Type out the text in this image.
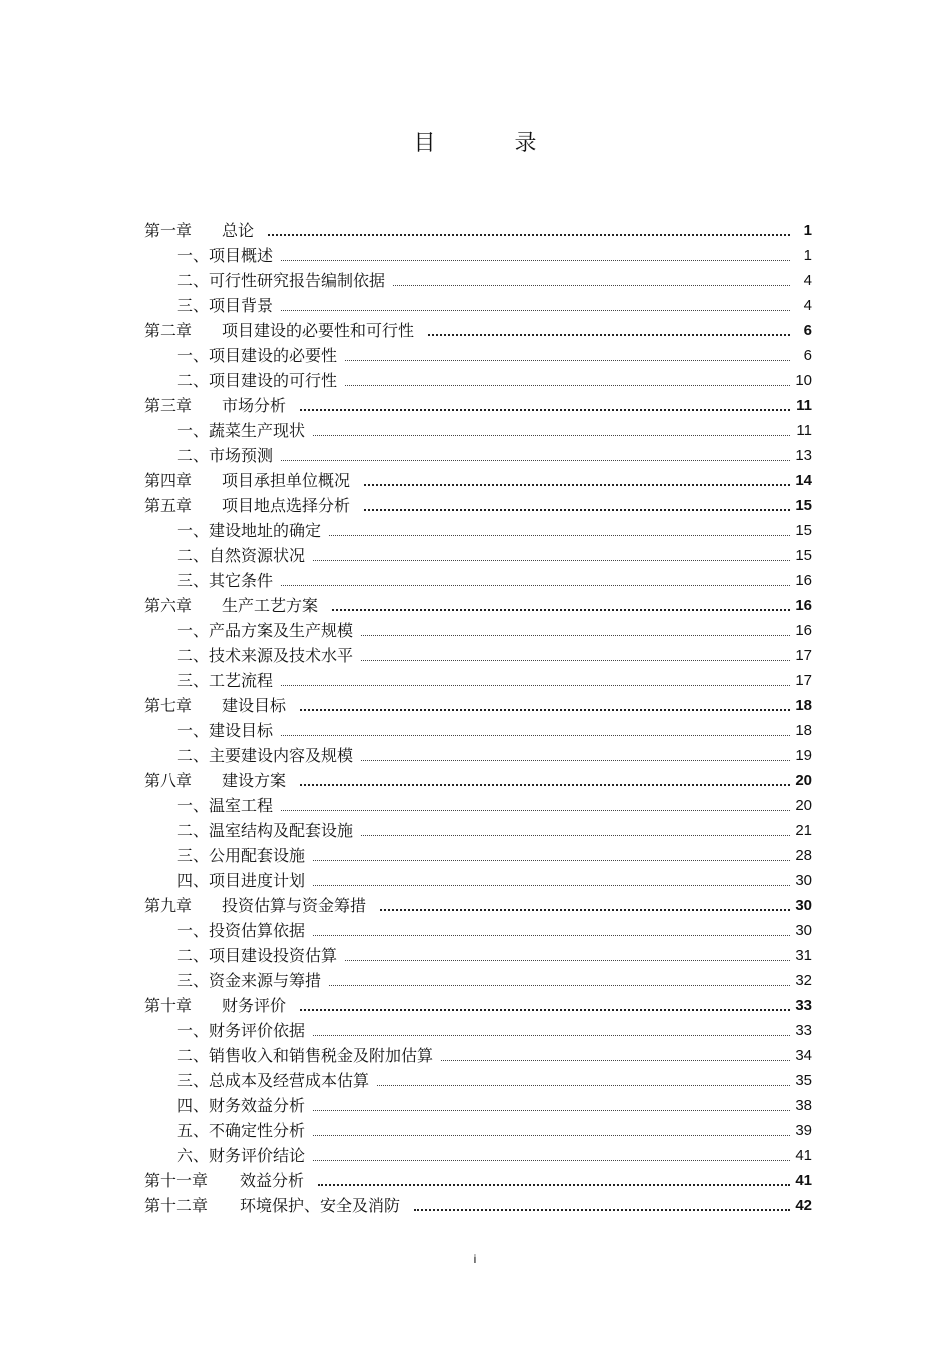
目 录
第一章	总论	1
一、 项目概述	1
二、 可行性研究报告编制依据	4
三、 项目背景	4
第二章	项目建设的必要性和可行性	6
一、 项目建设的必要性	6
二、 项目建设的可行性	10
第三章	市场分析	11
一、 蔬菜生产现状	11
二、 市场预测	13
第四章	项目承担单位概况	14
第五章	项目地点选择分析	15
一、 建设地址的确定	15
二、 自然资源状况	15
三、 其它条件	16
第六章	生产工艺方案	16
一、 产品方案及生产规模	16
二、 技术来源及技术水平	17
三、 工艺流程	17
第七章	建设目标	18
一、 建设目标	18
二、 主要建设内容及规模	19
第八章	建设方案	20
一、 温室工程	20
二、 温室结构及配套设施	21
三、 公用配套设施	28
四、 项目进度计划	30
第九章	投资估算与资金筹措	30
一、 投资估算依据	30
二、 项目建设投资估算	31
三、 资金来源与筹措	32
第十章	财务评价	33
一、 财务评价依据	33
二、 销售收入和销售税金及附加估算	34
三、 总成本及经营成本估算	35
四、 财务效益分析	38
五、 不确定性分析	39
六、 财务评价结论	41
第十一章	效益分析	41
第十二章	环境保护、安全及消防	42
i
